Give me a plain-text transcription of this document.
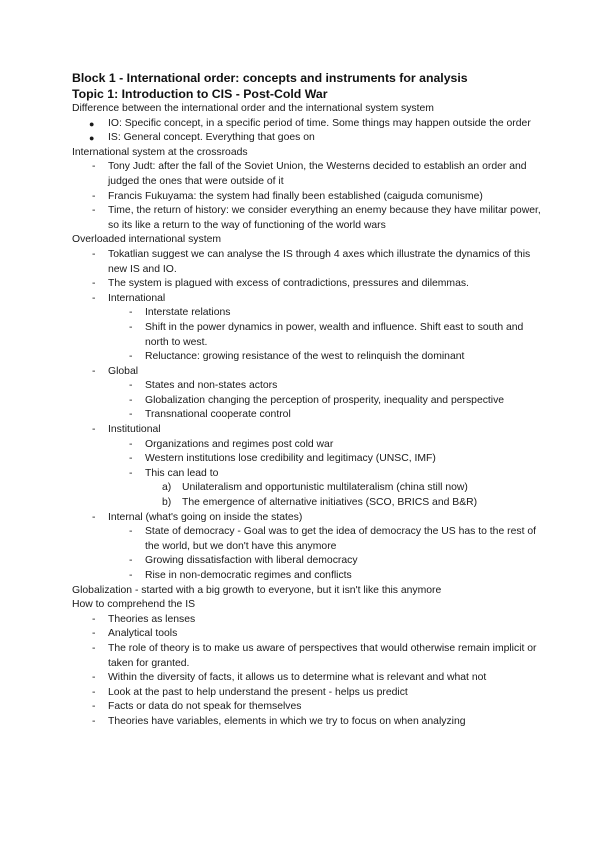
Block 1 - International order: concepts and instruments for analysis
Topic 1: Introduction to CIS - Post-Cold War
Difference between the international order and the international system system
● IO: Specific concept, in a specific period of time. Some things may happen outside the order
● IS: General concept. Everything that goes on
International system at the crossroads
- Tony Judt: after the fall of the Soviet Union, the Westerns decided to establish an order and judged the ones that were outside of it
- Francis Fukuyama: the system had finally been established (caiguda comunisme)
- Time, the return of history: we consider everything an enemy because they have militar power, so its like a return to the way of functioning of the world wars
Overloaded international system
- Tokatlian suggest we can analyse the IS through 4 axes which illustrate the dynamics of this new IS and IO.
- The system is plagued with excess of contradictions, pressures and dilemmas.
- International
- Interstate relations
- Shift in the power dynamics in power, wealth and influence. Shift east to south and north to west.
- Reluctance: growing resistance of the west to relinquish the dominant
- Global
- States and non-states actors
- Globalization changing the perception of prosperity, inequality and perspective
- Transnational cooperate control
- Institutional
- Organizations and regimes post cold war
- Western institutions lose credibility and legitimacy (UNSC, IMF)
- This can lead to
a) Unilateralism and opportunistic multilateralism (china still now)
b) The emergence of alternative initiatives (SCO, BRICS and B&R)
- Internal (what's going on inside the states)
- State of democracy - Goal was to get the idea of democracy the US has to the rest of the world, but we don't have this anymore
- Growing dissatisfaction with liberal democracy
- Rise in non-democratic regimes and conflicts
Globalization - started with a big growth to everyone, but it isn't like this anymore
How to comprehend the IS
- Theories as lenses
- Analytical tools
- The role of theory is to make us aware of perspectives that would otherwise remain implicit or taken for granted.
- Within the diversity of facts, it allows us to determine what is relevant and what not
- Look at the past to help understand the present - helps us predict
- Facts or data do not speak for themselves
- Theories have variables, elements in which we try to focus on when analyzing
